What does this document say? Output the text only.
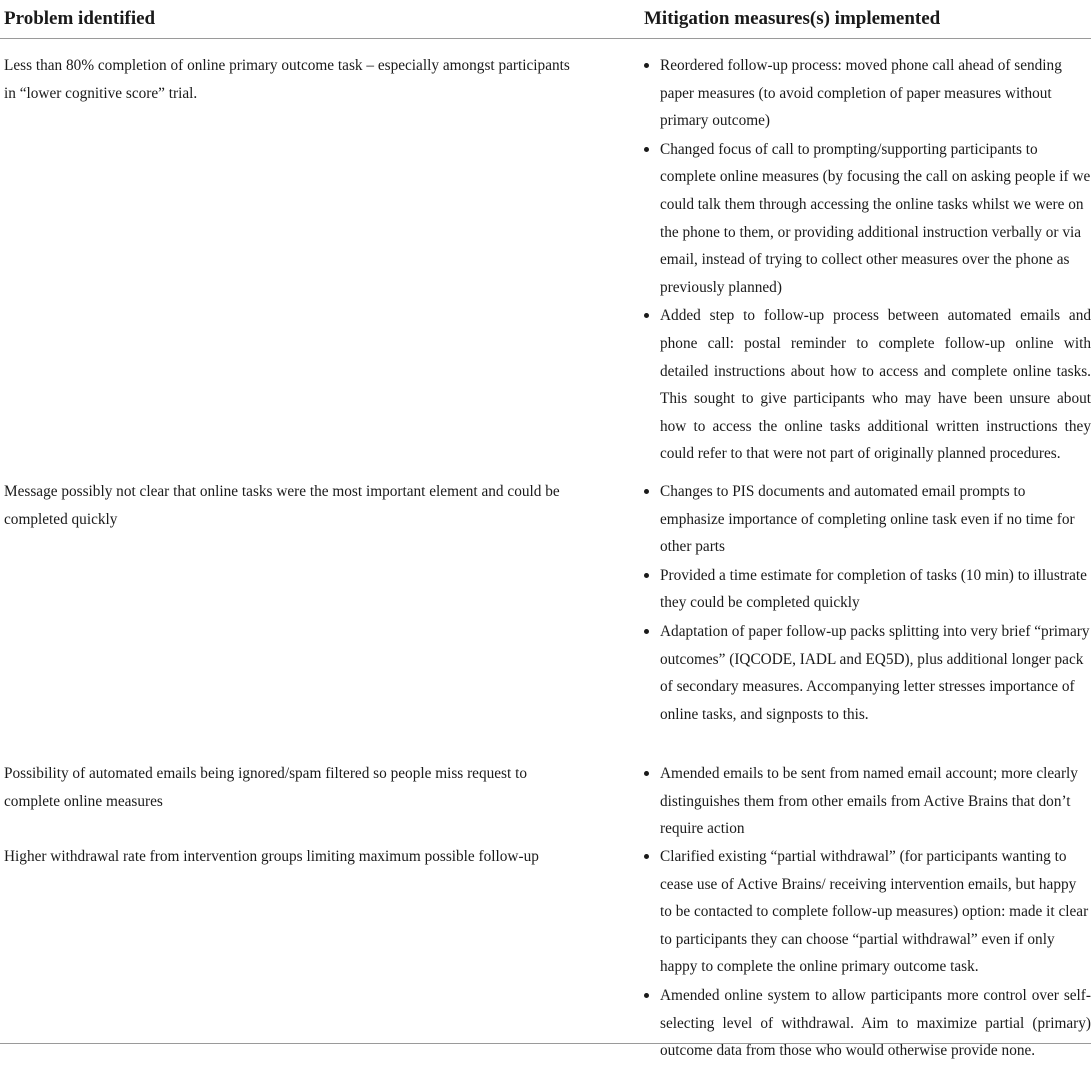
Problem identified	Mitigation measures(s) implemented
Less than 80% completion of online primary outcome task – especially amongst participants in “lower cognitive score” trial.
Reordered follow-up process: moved phone call ahead of sending paper measures (to avoid completion of paper measures without primary outcome)
Changed focus of call to prompting/supporting participants to complete online measures (by focusing the call on asking people if we could talk them through accessing the online tasks whilst we were on the phone to them, or providing additional instruction verbally or via email, instead of trying to collect other measures over the phone as previously planned)
Added step to follow-up process between automated emails and phone call: postal reminder to complete follow-up online with detailed instructions about how to access and complete online tasks. This sought to give participants who may have been unsure about how to access the online tasks additional written instructions they could refer to that were not part of originally planned procedures.
Message possibly not clear that online tasks were the most important element and could be completed quickly
Changes to PIS documents and automated email prompts to emphasize importance of completing online task even if no time for other parts
Provided a time estimate for completion of tasks (10 min) to illustrate they could be completed quickly
Adaptation of paper follow-up packs splitting into very brief “primary outcomes” (IQCODE, IADL and EQ5D), plus additional longer pack of secondary measures. Accompanying letter stresses importance of online tasks, and signposts to this.
Possibility of automated emails being ignored/spam filtered so people miss request to complete online measures
Amended emails to be sent from named email account; more clearly distinguishes them from other emails from Active Brains that don’t require action
Higher withdrawal rate from intervention groups limiting maximum possible follow-up	Clarified existing “partial withdrawal” (for participants wanting to cease use of Active Brains/ receiving intervention emails, but happy to be contacted to complete follow-up measures) option: made it clear to participants they can choose “partial withdrawal” even if only happy to complete the online primary outcome task.
Amended online system to allow participants more control over self-selecting level of withdrawal. Aim to maximize partial (primary) outcome data from those who would otherwise provide none.
